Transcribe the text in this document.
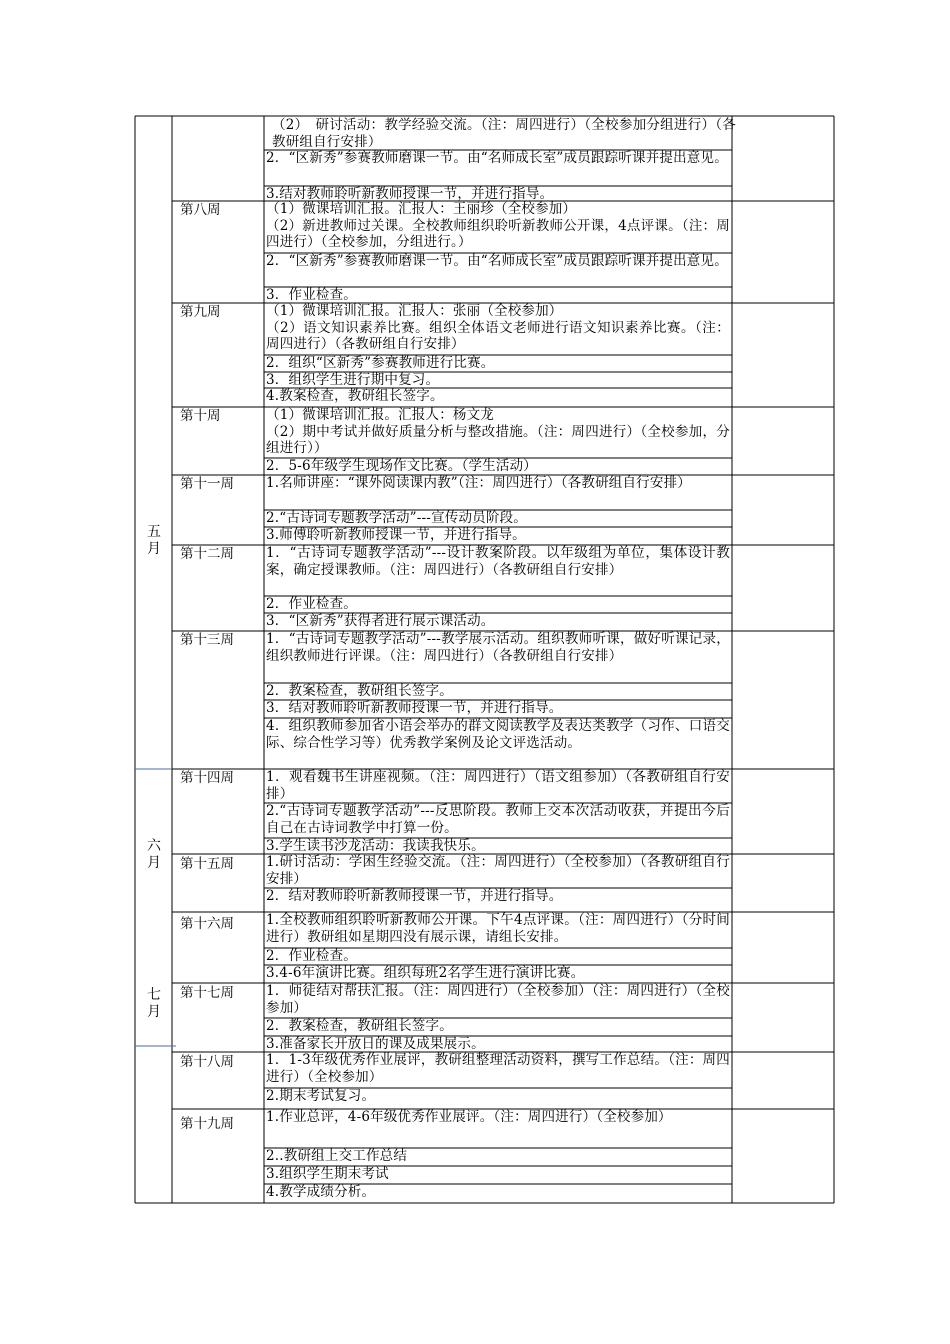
五
月
六
月
七
月
第八周
第九周
第十周
第十一周
第十二周
第十三周
第十四周
第十五周
第十六周
第十七周
第十八周
第十九周
（2）　研讨活动：教学经验交流。（注：周四进行）（全校参加分组进行）（各教研组自行安排）
2．“区新秀”参赛教师磨课一节。由“名师成长室”成员跟踪听课并提出意见。
3.结对教师聆听新教师授课一节，并进行指导。
（1）微课培训汇报。汇报人：王丽珍（全校参加）
（2）新进教师过关课。全校教师组织聆听新教师公开课，4点评课。（注：周四进行）（全校参加，分组进行。）
2．“区新秀”参赛教师磨课一节。由“名师成长室”成员跟踪听课并提出意见。
3．作业检查。
（1）微课培训汇报。汇报人：张丽（全校参加）
（2）语文知识素养比赛。组织全体语文老师进行语文知识素养比赛。（注：周四进行）（各教研组自行安排）
2．组织“区新秀”参赛教师进行比赛。
3．组织学生进行期中复习。
4.教案检查，教研组长签字。
（1）微课培训汇报。汇报人：杨文龙
（2）期中考试并做好质量分析与整改措施。（注：周四进行）（全校参加，分组进行））
2．5-6年级学生现场作文比赛。（学生活动）
1.名师讲座：“课外阅读课内教”（注：周四进行）（各教研组自行安排）
2.“古诗词专题教学活动”---宣传动员阶段。
3.师傅聆听新教师授课一节，并进行指导。
1．“古诗词专题教学活动”---设计教案阶段。以年级组为单位，集体设计教案，确定授课教师。（注：周四进行）（各教研组自行安排）
2．作业检查。
3．“区新秀”获得者进行展示课活动。
1．“古诗词专题教学活动”---教学展示活动。组织教师听课，做好听课记录，组织教师进行评课。（注：周四进行）（各教研组自行安排）
2．教案检查，教研组长签字。
3．结对教师聆听新教师授课一节，并进行指导。
4．组织教师参加省小语会举办的群文阅读教学及表达类教学（习作、口语交际、综合性学习等）优秀教学案例及论文评选活动。
1．观看魏书生讲座视频。（注：周四进行）（语文组参加）（各教研组自行安排）
2.“古诗词专题教学活动”---反思阶段。教师上交本次活动收获，并提出今后自己在古诗词教学中打算一份。
3.学生读书沙龙活动：我读我快乐。
1.研讨活动：学困生经验交流。（注：周四进行）（全校参加）（各教研组自行安排）
2．结对教师聆听新教师授课一节，并进行指导。
1.全校教师组织聆听新教师公开课。下午4点评课。（注：周四进行）（分时间进行）教研组如星期四没有展示课，请组长安排。
2．作业检查。
3.4-6年演讲比赛。组织每班2名学生进行演讲比赛。
1．师徒结对帮扶汇报。（注：周四进行）（全校参加）（注：周四进行）（全校参加）
2．教案检查，教研组长签字。
3.准备家长开放日的课及成果展示。
1．1-3年级优秀作业展评，教研组整理活动资料，撰写工作总结。（注：周四进行）（全校参加）
2.期末考试复习。
1.作业总评，4-6年级优秀作业展评。（注：周四进行）（全校参加）
2..教研组上交工作总结
3.组织学生期末考试
4.教学成绩分析。
